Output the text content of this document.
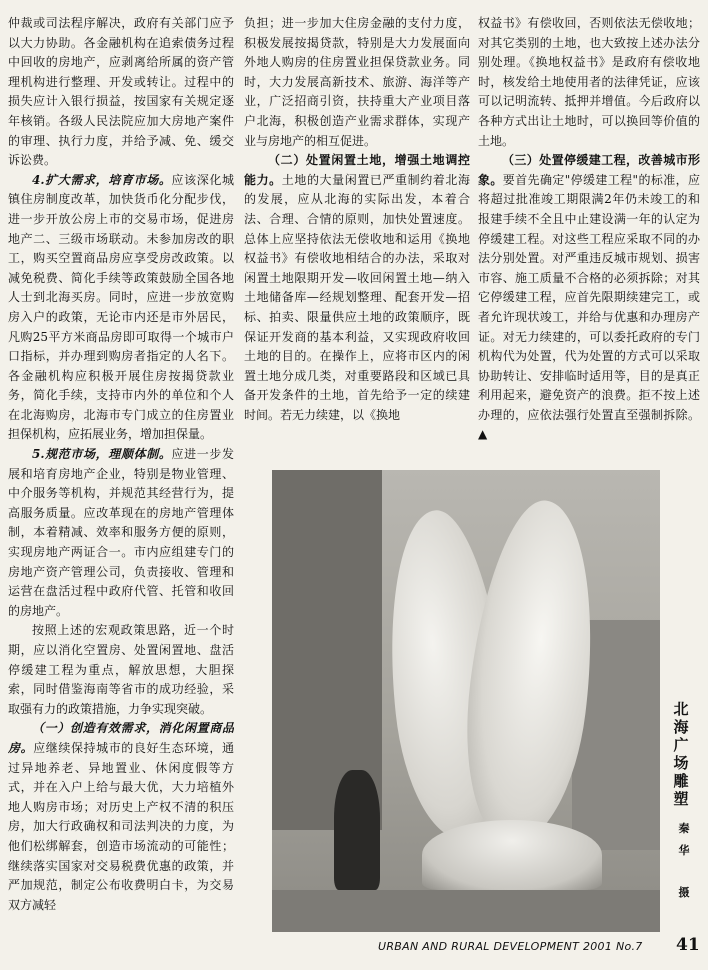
仲裁或司法程序解决，政府有关部门应予以大力协助。各金融机构在追索债务过程中回收的房地产，应剥离给所属的资产管理机构进行整理、开发或转让。过程中的损失应计入银行损益，按国家有关规定逐年核销。各级人民法院应加大房地产案件的审理、执行力度，并给予减、免、缓交诉讼费。

4.扩大需求，培育市场。应该深化城镇住房制度改革，加快货币化分配步伐，进一步开放公房上市的交易市场，促进房地产二、三级市场联动。未参加房改的职工，购买空置商品房应享受房改政策。以减免税费、简化手续等政策鼓励全国各地人士到北海买房。同时，应进一步放宽购房入户的政策，无论市内还是市外居民，凡购25平方米商品房即可取得一个城市户口指标，并办理到购房者指定的人名下。各金融机构应积极开展住房按揭贷款业务，简化手续，支持市内外的单位和个人在北海购房，北海市专门成立的住房置业担保机构，应拓展业务，增加担保量。

5.规范市场，理顺体制。应进一步发展和培育房地产企业，特别是物业管理、中介服务等机构，并规范其经营行为，提高服务质量。应改革现在的房地产管理体制，本着精减、效率和服务方便的原则，实现房地产两证合一。市内应组建专门的房地产资产管理公司，负责接收、管理和运营在盘活过程中政府代管、托管和收回的房地产。

按照上述的宏观政策思路，近一个时期，应以消化空置房、处置闲置地、盘活停缓建工程为重点，解放思想，大胆探索，同时借鉴海南等省市的成功经验，采取强有力的政策措施，力争实现突破。

（一）创造有效需求，消化闲置商品房。应继续保持城市的良好生态环境，通过异地养老、异地置业、休闲度假等方式，并在入户上给与最大优，大力培植外地人购房市场；对历史上产权不清的积压房，加大行政确权和司法判决的力度，为他们松绑解套，创造市场流动的可能性；继续落实国家对交易税费优惠的政策，并严加规范，制定公布收费明白卡，为交易双方减轻

负担；进一步加大住房金融的支付力度，积极发展按揭贷款，特别是大力发展面向外地人购房的住房置业担保贷款业务。同时，大力发展高新技术、旅游、海洋等产业，广泛招商引资，扶持重大产业项目落户北海，积极创造产业需求群体，实现产业与房地产的相互促进。

（二）处置闲置土地，增强土地调控能力。土地的大量闲置已严重制约着北海的发展，应从北海的实际出发，本着合法、合理、合情的原则，加快处置速度。总体上应坚持依法无偿收地和运用《换地权益书》有偿收地相结合的办法，采取对闲置土地限期开发—收回闲置土地—纳入土地储备库—经规划整理、配套开发—招标、拍卖、限量供应土地的政策顺序，既保证开发商的基本利益，又实现政府收回土地的目的。在操作上，应将市区内的闲置土地分成几类，对重要路段和区域已具备开发条件的土地，首先给予一定的续建时间。若无力续建，以《换地

权益书》有偿收回，否则依法无偿收地；对其它类别的土地，也大致按上述办法分别处理。《换地权益书》是政府有偿收地时，核发给土地使用者的法律凭证，应该可以记明流转、抵押并增值。今后政府以各种方式出让土地时，可以换回等价值的土地。

（三）处置停缓建工程，改善城市形象。要首先确定"停缓建工程"的标准，应将超过批准竣工期限满2年仍未竣工的和报建手续不全且中止建设满一年的认定为停缓建工程。对这些工程应采取不同的办法分别处置。对严重违反城市规划、损害市容、施工质量不合格的必须拆除；对其它停缓建工程，应首先限期续建完工，或者允许现状竣工，并给与优惠和办理房产证。对无力续建的，可以委托政府的专门机构代为处置，代为处置的方式可以采取协助转让、安排临时适用等，目的是真正利用起来，避免资产的浪费。拒不按上述办理的，应依法强行处置直至强制拆除。▲

北海广场雕塑
秦华
摄
URBAN AND RURAL DEVELOPMENT 2001 No.7	41
